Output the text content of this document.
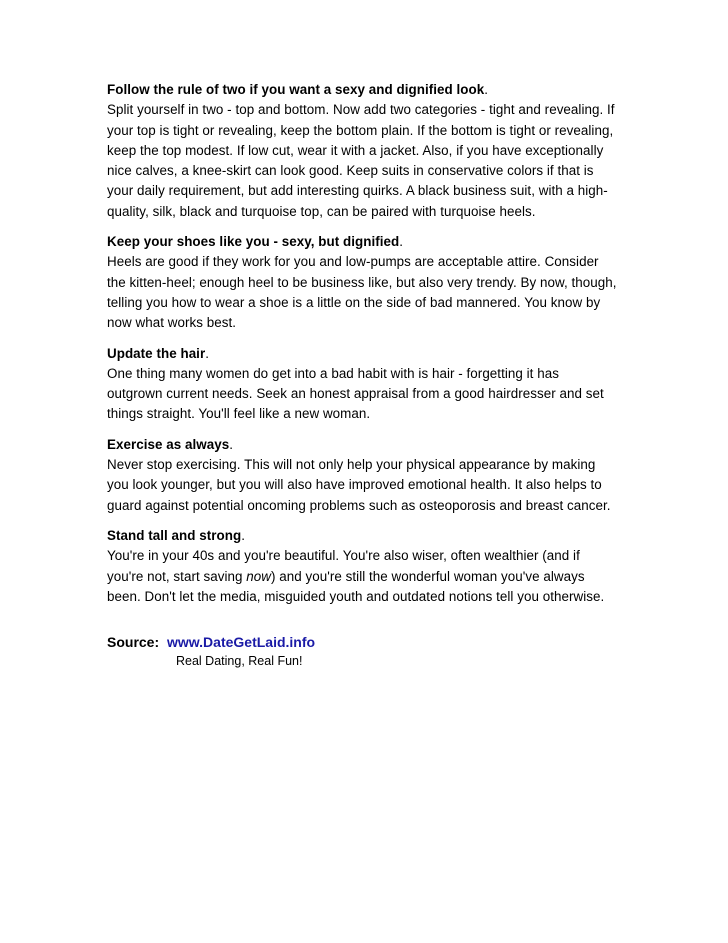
Follow the rule of two if you want a sexy and dignified look.
Split yourself in two - top and bottom. Now add two categories - tight and revealing. If your top is tight or revealing, keep the bottom plain. If the bottom is tight or revealing, keep the top modest. If low cut, wear it with a jacket. Also, if you have exceptionally nice calves, a knee-skirt can look good. Keep suits in conservative colors if that is your daily requirement, but add interesting quirks. A black business suit, with a high-quality, silk, black and turquoise top, can be paired with turquoise heels.
Keep your shoes like you - sexy, but dignified.
Heels are good if they work for you and low-pumps are acceptable attire. Consider the kitten-heel; enough heel to be business like, but also very trendy. By now, though, telling you how to wear a shoe is a little on the side of bad mannered. You know by now what works best.
Update the hair.
One thing many women do get into a bad habit with is hair - forgetting it has outgrown current needs. Seek an honest appraisal from a good hairdresser and set things straight. You'll feel like a new woman.
Exercise as always.
Never stop exercising. This will not only help your physical appearance by making you look younger, but you will also have improved emotional health. It also helps to guard against potential oncoming problems such as osteoporosis and breast cancer.
Stand tall and strong.
You're in your 40s and you're beautiful. You're also wiser, often wealthier (and if you're not, start saving now) and you're still the wonderful woman you've always been. Don't let the media, misguided youth and outdated notions tell you otherwise.
Source: www.DateGetLaid.info
Real Dating, Real Fun!
